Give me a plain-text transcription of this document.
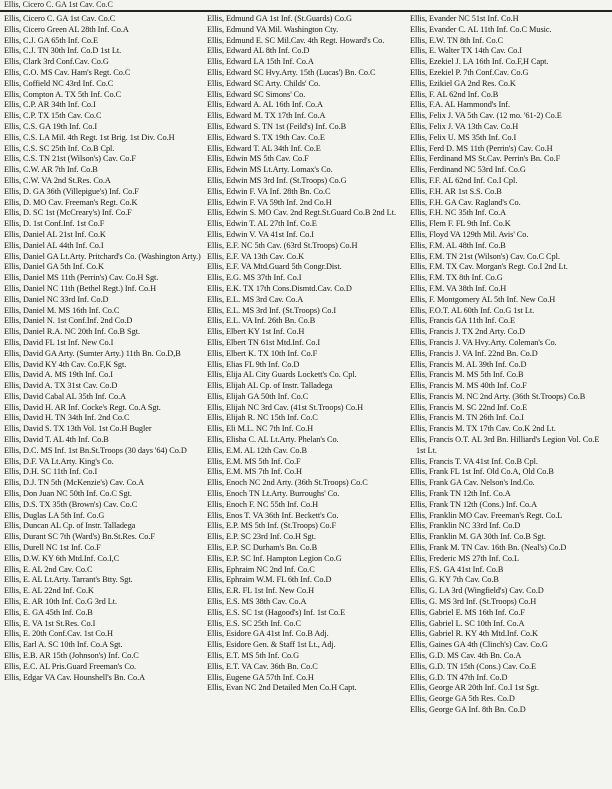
Ellis, Cicero C. GA 1st Cav. Co.C

Ellis, Cicero C. GA 1st Cav. Co.C

Ellis, Cicero Green AL 28th Inf. Co.A

Ellis, C.J. GA 65th Inf. Co.E

Ellis, C.J. TN 30th Inf. Co.D 1st Lt.

Ellis, Clark 3rd Conf.Cav. Co.G

Ellis, C.O. MS Cav. Ham's Regt. Co.C

Ellis, Coffield NC 43rd Inf. Co.C

Ellis, Compton A. TX 5th Inf. Co.C

Ellis, C.P. AR 34th Inf. Co.I

Ellis, C.P. TX 15th Cav. Co.C

Ellis, C.S. GA 19th Inf. Co.I

Ellis, C.S. LA Mil. 4th Regt. 1st Brig. 1st Div. Co.H

Ellis, C.S. SC 25th Inf. Co.B Cpl.

Ellis, C.S. TN 21st (Wilson's) Cav. Co.F

Ellis, C.W. AR 7th Inf. Co.B

Ellis, C.W. VA 2nd St.Res. Co.A

Ellis, D. GA 36th (Villepigue's) Inf. Co.F

Ellis, D. MO Cav. Freeman's Regt. Co.K

Ellis, D. SC 1st (McCreary's) Inf. Co.F

Ellis, D. 1st Conf.Inf. 1st Co.F

Ellis, Daniel AL 21st Inf. Co.K

Ellis, Daniel AL 44th Inf. Co.I

Ellis, Daniel GA Lt.Arty. Pritchard's Co. (Washington Arty.)

Ellis, Daniel GA 5th Inf. Co.K

Ellis, Daniel MS 11th (Perrin's) Cav. Co.H Sgt.

Ellis, Daniel NC 11th (Bethel Regt.) Inf. Co.H

Ellis, Daniel NC 33rd Inf. Co.D

Ellis, Daniel M. MS 16th Inf. Co.C

Ellis, Daniel N. 1st Conf.Inf. 2nd Co.D

Ellis, Daniel R.A. NC 20th Inf. Co.B Sgt.

Ellis, David FL 1st Inf. New Co.I

Ellis, David GA Arty. (Sumter Arty.) 11th Bn. Co.D,B

Ellis, David KY 4th Cav. Co.F,K Sgt.

Ellis, David A. MS 19th Inf. Co.I

Ellis, David A. TX 31st Cav. Co.D

Ellis, David Cabal AL 35th Inf. Co.A

Ellis, David H. AR Inf. Cocke's Regt. Co.A Sgt.

Ellis, David H. TN 34th Inf. 2nd Co.C

Ellis, David S. TX 13th Vol. 1st Co.H Bugler

Ellis, David T. AL 4th Inf. Co.B

Ellis, D.C. MS Inf. 1st Bn.St.Troops (30 days '64) Co.D

Ellis, D.F. VA Lt.Arty. King's Co.

Ellis, D.H. SC 11th Inf. Co.I

Ellis, D.J. TN 5th (McKenzie's) Cav. Co.A

Ellis, Don Juan NC 50th Inf. Co.C Sgt.

Ellis, D.S. TX 35th (Brown's) Cav. Co.C

Ellis, Duglas LA 5th Inf. Co.G

Ellis, Duncan AL Cp. of Instr. Talladega

Ellis, Durant SC 7th (Ward's) Bn.St.Res. Co.F

Ellis, Durell NC 1st Inf. Co.F

Ellis, D.W. KY 6th Mtd.Inf. Co.I,C

Ellis, E. AL 2nd Cav. Co.C

Ellis, E. AL Lt.Arty. Tarrant's Btty. Sgt.

Ellis, E. AL 22nd Inf. Co.K

Ellis, E. AR 10th Inf. Co.G 3rd Lt.

Ellis, E. GA 45th Inf. Co.B

Ellis, E. VA 1st St.Res. Co.I

Ellis, E. 20th Conf.Cav. 1st Co.H

Ellis, Earl A. SC 10th Inf. Co.A Sgt.

Ellis, E.B. AR 15th (Johnson's) Inf. Co.C

Ellis, E.C. AL Pris.Guard Freeman's Co.

Ellis, Edgar VA Cav. Hounshell's Bn. Co.A

Ellis, Edmund GA 1st Inf. (St.Guards) Co.G

Ellis, Edmund VA Mil. Washington Cty.

Ellis, Edmund E. SC Mil.Cav. 4th Regt. Howard's Co.

Ellis, Edward AL 8th Inf. Co.D

Ellis, Edward LA 15th Inf. Co.A

Ellis, Edward SC Hvy.Arty. 15th (Lucas') Bn. Co.C

Ellis, Edward SC Arty. Childs' Co.

Ellis, Edward SC Simons' Co.

Ellis, Edward A. AL 16th Inf. Co.A

Ellis, Edward M. TX 17th Inf. Co.A

Ellis, Edward S. TN 1st (Feild's) Inf. Co.B

Ellis, Edward S. TX 19th Cav. Co.E

Ellis, Edward T. AL 34th Inf. Co.E

Ellis, Edwin MS 5th Cav. Co.F

Ellis, Edwin MS Lt.Arty. Lomax's Co.

Ellis, Edwin MS 3rd Inf. (St.Troops) Co.G

Ellis, Edwin F. VA Inf. 28th Bn. Co.C

Ellis, Edwin F. VA 59th Inf. 2nd Co.H

Ellis, Edwin S. MO Cav. 2nd Regt.St.Guard Co.B 2nd Lt.

Ellis, Edwin T. AL 27th Inf. Co.E

Ellis, Edwin V. VA 41st Inf. Co.I

Ellis, E.F. NC 5th Cav. (63rd St.Troops) Co.H

Ellis, E.F. VA 13th Cav. Co.K

Ellis, E.F. VA Mtd.Guard 5th Congr.Dist.

Ellis, E.G. MS 37th Inf. Co.I

Ellis, E.K. TX 17th Cons.Dismtd.Cav. Co.D

Ellis, E.L. MS 3rd Cav. Co.A

Ellis, E.L. MS 3rd Inf. (St.Troops) Co.I

Ellis, E.L. VA Inf. 26th Bn. Co.B

Ellis, Elbert KY 1st Inf. Co.H

Ellis, Elbert TN 61st Mtd.Inf. Co.I

Ellis, Elbert K. TX 10th Inf. Co.F

Ellis, Elias FL 9th Inf. Co.D

Ellis, Elija AL City Guards Lockett's Co. Cpl.

Ellis, Elijah AL Cp. of Instr. Talladega

Ellis, Elijah GA 50th Inf. Co.C

Ellis, Elijah NC 3rd Cav. (41st St.Troops) Co.H

Ellis, Elijah R. NC 15th Inf. Co.C

Ellis, Eli M.L. NC 7th Inf. Co.H

Ellis, Elisha C. AL Lt.Arty. Phelan's Co.

Ellis, E.M. AL 12th Cav. Co.B

Ellis, E.M. MS 5th Inf. Co.F

Ellis, E.M. MS 7th Inf. Co.H

Ellis, Enoch NC 2nd Arty. (36th St.Troops) Co.C

Ellis, Enoch TN Lt.Arty. Burroughs' Co.

Ellis, Enoch F. NC 55th Inf. Co.H

Ellis, Enos T. VA 36th Inf. Beckett's Co.

Ellis, E.P. MS 5th Inf. (St.Troops) Co.F

Ellis, E.P. SC 23rd Inf. Co.H Sgt.

Ellis, E.P. SC Durham's Bn. Co.B

Ellis, E.P. SC Inf. Hampton Legion Co.G

Ellis, Ephraim NC 2nd Inf. Co.C

Ellis, Ephraim W.M. FL 6th Inf. Co.D

Ellis, E.R. FL 1st Inf. New Co.H

Ellis, E.S. MS 38th Cav. Co.A

Ellis, E.S. SC 1st (Hagood's) Inf. 1st Co.E

Ellis, E.S. SC 25th Inf. Co.C

Ellis, Esidore GA 41st Inf. Co.B Adj.

Ellis, Esidore Gen. & Staff 1st Lt., Adj.

Ellis, E.T. MS 5th Inf. Co.G

Ellis, E.T. VA Cav. 36th Bn. Co.C

Ellis, Eugene GA 57th Inf. Co.H

Ellis, Evan NC 2nd Detailed Men Co.H Capt.

Ellis, Evander NC 51st Inf. Co.H

Ellis, Evander C. AL 11th Inf. Co.C Music.

Ellis, E.W. TN 8th Inf. Co.C

Ellis, E. Walter TX 14th Cav. Co.I

Ellis, Ezekiel J. LA 16th Inf. Co.F,H Capt.

Ellis, Ezekiel P. 7th Conf.Cav. Co.G

Ellis, Ezikiel GA 2nd Res. Co.K

Ellis, F. AL 62nd Inf. Co.B

Ellis, F.A. AL Hammond's Inf.

Ellis, Felix J. VA 5th Cav. (12 mo. '61-2) Co.E

Ellis, Felix J. VA 13th Cav. Co.H

Ellis, Felix U. MS 35th Inf. Co.I

Ellis, Ferd D. MS 11th (Perrin's) Cav. Co.H

Ellis, Ferdinand MS St.Cav. Perrin's Bn. Co.F

Ellis, Ferdinand NC 53rd Inf. Co.G

Ellis, F.F. AL 62nd Inf. Co.I Cpl.

Ellis, F.H. AR 1st S.S. Co.B

Ellis, F.H. GA Cav. Ragland's Co.

Ellis, F.H. NC 35th Inf. Co.A

Ellis, Flem F. FL 9th Inf. Co.K

Ellis, Floyd VA 129th Mil. Avis' Co.

Ellis, F.M. AL 48th Inf. Co.B

Ellis, F.M. TN 21st (Wilson's) Cav. Co.C Cpl.

Ellis, F.M. TX Cav. Morgan's Regt. Co.I 2nd Lt.

Ellis, F.M. TX 8th Inf. Co.G

Ellis, F.M. VA 38th Inf. Co.H

Ellis, F. Montgomery AL 5th Inf. New Co.H

Ellis, F.O.T. AL 60th Inf. Co.G 1st Lt.

Ellis, Francis GA 11th Inf. Co.E

Ellis, Francis J. TX 2nd Arty. Co.D

Ellis, Francis J. VA Hvy.Arty. Coleman's Co.

Ellis, Francis J. VA Inf. 22nd Bn. Co.D

Ellis, Francis M. AL 39th Inf. Co.D

Ellis, Francis M. MS 5th Inf. Co.B

Ellis, Francis M. MS 40th Inf. Co.F

Ellis, Francis M. NC 2nd Arty. (36th St.Troops) Co.B

Ellis, Francis M. SC 22nd Inf. Co.E

Ellis, Francis M. TN 26th Inf. Co.I

Ellis, Francis M. TX 17th Cav. Co.K 2nd Lt.

Ellis, Francis O.T. AL 3rd Bn. Hilliard's Legion Vol. Co.E 1st Lt.

Ellis, Francis T. VA 41st Inf. Co.B Cpl.

Ellis, Frank FL 1st Inf. Old Co.A, Old Co.B

Ellis, Frank GA Cav. Nelson's Ind.Co.

Ellis, Frank TN 12th Inf. Co.A

Ellis, Frank TN 12th (Cons.) Inf. Co.A

Ellis, Franklin MO Cav. Freeman's Regt. Co.L

Ellis, Franklin NC 33rd Inf. Co.D

Ellis, Franklin M. GA 30th Inf. Co.B Sgt.

Ellis, Frank M. TN Cav. 16th Bn. (Neal's) Co.D

Ellis, Frederic MS 27th Inf. Co.L

Ellis, F.S. GA 41st Inf. Co.B

Ellis, G. KY 7th Cav. Co.B

Ellis, G. LA 3rd (Wingfield's) Cav. Co.D

Ellis, G. MS 3rd Inf. (St.Troops) Co.H

Ellis, Gabriel E. MS 16th Inf. Co.F

Ellis, Gabriel L. SC 10th Inf. Co.A

Ellis, Gabriel R. KY 4th Mtd.Inf. Co.K

Ellis, Gaines GA 4th (Clinch's) Cav. Co.G

Ellis, G.D. MS Cav. 4th Bn. Co.A

Ellis, G.D. TN 15th (Cons.) Cav. Co.E

Ellis, G.D. TN 47th Inf. Co.D

Ellis, George AR 20th Inf. Co.I 1st Sgt.

Ellis, George GA 5th Res. Co.D

Ellis, George GA Inf. 8th Bn. Co.D
